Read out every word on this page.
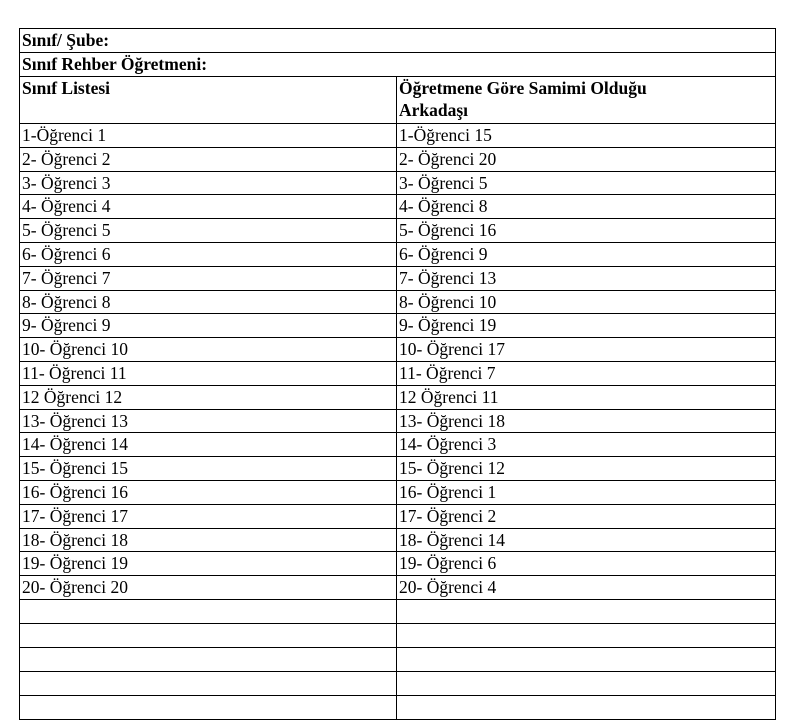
Sınıf/ Şube:	
Sınıf Rehber Öğretmeni:	
Sınıf Listesi	Öğretmene Göre Samimi Olduğu
Arkadaşı
1-Öğrenci 1	1-Öğrenci 15
2- Öğrenci 2	2- Öğrenci 20
3- Öğrenci 3	3- Öğrenci 5
4- Öğrenci 4	4- Öğrenci 8
5- Öğrenci 5	5- Öğrenci 16
6- Öğrenci 6	6- Öğrenci 9
7- Öğrenci 7	7- Öğrenci 13
8- Öğrenci 8	8- Öğrenci 10
9- Öğrenci 9	9- Öğrenci 19
10- Öğrenci 10	10- Öğrenci 17
11- Öğrenci 11	11- Öğrenci 7
12 Öğrenci 12	12 Öğrenci 11
13- Öğrenci 13	13- Öğrenci 18
14- Öğrenci 14	14- Öğrenci 3
15- Öğrenci 15	15- Öğrenci 12
16- Öğrenci 16	16- Öğrenci 1
17- Öğrenci 17	17- Öğrenci 2
18- Öğrenci 18	18- Öğrenci 14
19- Öğrenci 19	19- Öğrenci 6
20- Öğrenci 20	20- Öğrenci 4
